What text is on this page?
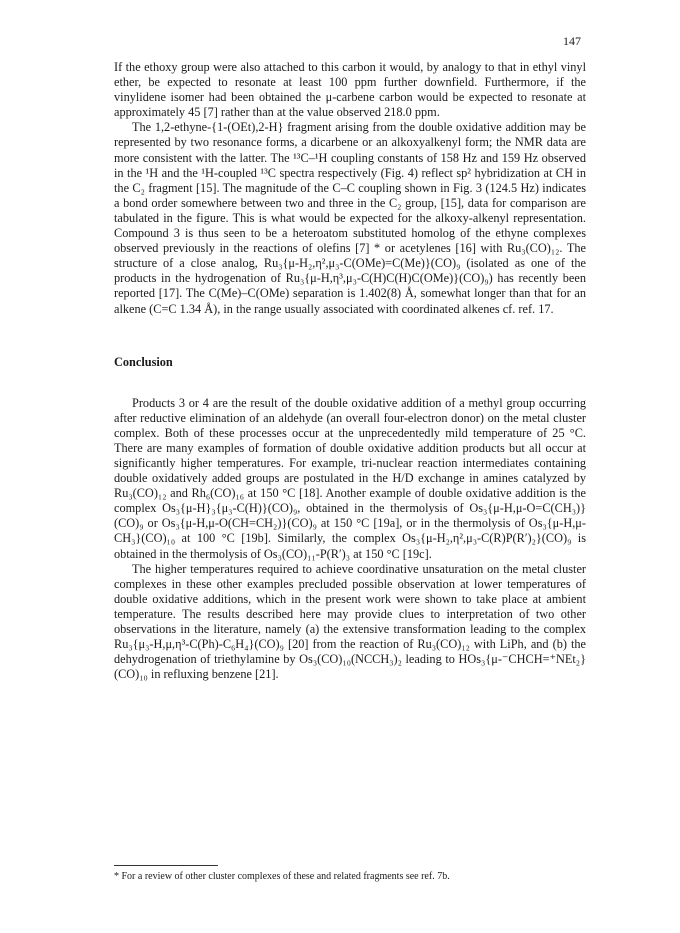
147

If the ethoxy group were also attached to this carbon it would, by analogy to that in ethyl vinyl ether, be expected to resonate at least 100 ppm further downfield. Furthermore, if the vinylidene isomer had been obtained the μ-carbene carbon would be expected to resonate at approximately 45 [7] rather than at the value observed 218.0 ppm.

The 1,2-ethyne-{1-(OEt),2-H} fragment arising from the double oxidative addition may be represented by two resonance forms, a dicarbene or an alkoxyalkenyl form; the NMR data are more consistent with the latter. The ¹³C–¹H coupling constants of 158 Hz and 159 Hz observed in the ¹H and the ¹H-coupled ¹³C spectra respectively (Fig. 4) reflect sp² hybridization at CH in the C₂ fragment [15]. The magnitude of the C–C coupling shown in Fig. 3 (124.5 Hz) indicates a bond order somewhere between two and three in the C₂ group, [15], data for comparison are tabulated in the figure. This is what would be expected for the alkoxy-alkenyl representation. Compound 3 is thus seen to be a heteroatom substituted homolog of the ethyne complexes observed previously in the reactions of olefins [7] * or acetylenes [16] with Ru₃(CO)₁₂. The structure of a close analog, Ru₃{μ-H₂,η²,μ₃-C(OMe)=C(Me)}(CO)₉ (isolated as one of the products in the hydrogenation of Ru₃{μ-H,η³,μ₃-C(H)C(H)C(OMe)}(CO)₉) has recently been reported [17]. The C(Me)–C(OMe) separation is 1.402(8) Å, somewhat longer than that for an alkene (C=C 1.34 Å), in the range usually associated with coordinated alkenes cf. ref. 17.

Conclusion

Products 3 or 4 are the result of the double oxidative addition of a methyl group occurring after reductive elimination of an aldehyde (an overall four-electron donor) on the metal cluster complex. Both of these processes occur at the unprecedentedly mild temperature of 25 °C. There are many examples of formation of double oxidative addition products but all occur at significantly higher temperatures. For example, tri-nuclear reaction intermediates containing double oxidatively added groups are postulated in the H/D exchange in amines catalyzed by Ru₃(CO)₁₂ and Rh₆(CO)₁₆ at 150 °C [18]. Another example of double oxidative addition is the complex Os₃{μ-H}₃{μ₃-C(H)}(CO)₉, obtained in the thermolysis of Os₃{μ-H,μ-O=C(CH₃)}(CO)₉ or Os₃{μ-H,μ-O(CH=CH₂)}(CO)₉ at 150 °C [19a], or in the thermolysis of Os₃{μ-H,μ-CH₃}(CO)₁₀ at 100 °C [19b]. Similarly, the complex Os₃{μ-H₂,η²,μ₃-C(R)P(R′)₂}(CO)₉ is obtained in the thermolysis of Os₃(CO)₁₁-P(R′)₃ at 150 °C [19c].

The higher temperatures required to achieve coordinative unsaturation on the metal cluster complexes in these other examples precluded possible observation at lower temperatures of double oxidative additions, which in the present work were shown to take place at ambient temperature. The results described here may provide clues to interpretation of two other observations in the literature, namely (a) the extensive transformation leading to the complex Ru₃{μ₃-H,μ,η³-C(Ph)-C₆H₄}(CO)₉ [20] from the reaction of Ru₃(CO)₁₂ with LiPh, and (b) the dehydrogenation of triethylamine by Os₃(CO)₁₀(NCCH₃)₂ leading to HOs₃{μ-⁻CHCH=⁺NEt₂}(CO)₁₀ in refluxing benzene [21].

* For a review of other cluster complexes of these and related fragments see ref. 7b.
